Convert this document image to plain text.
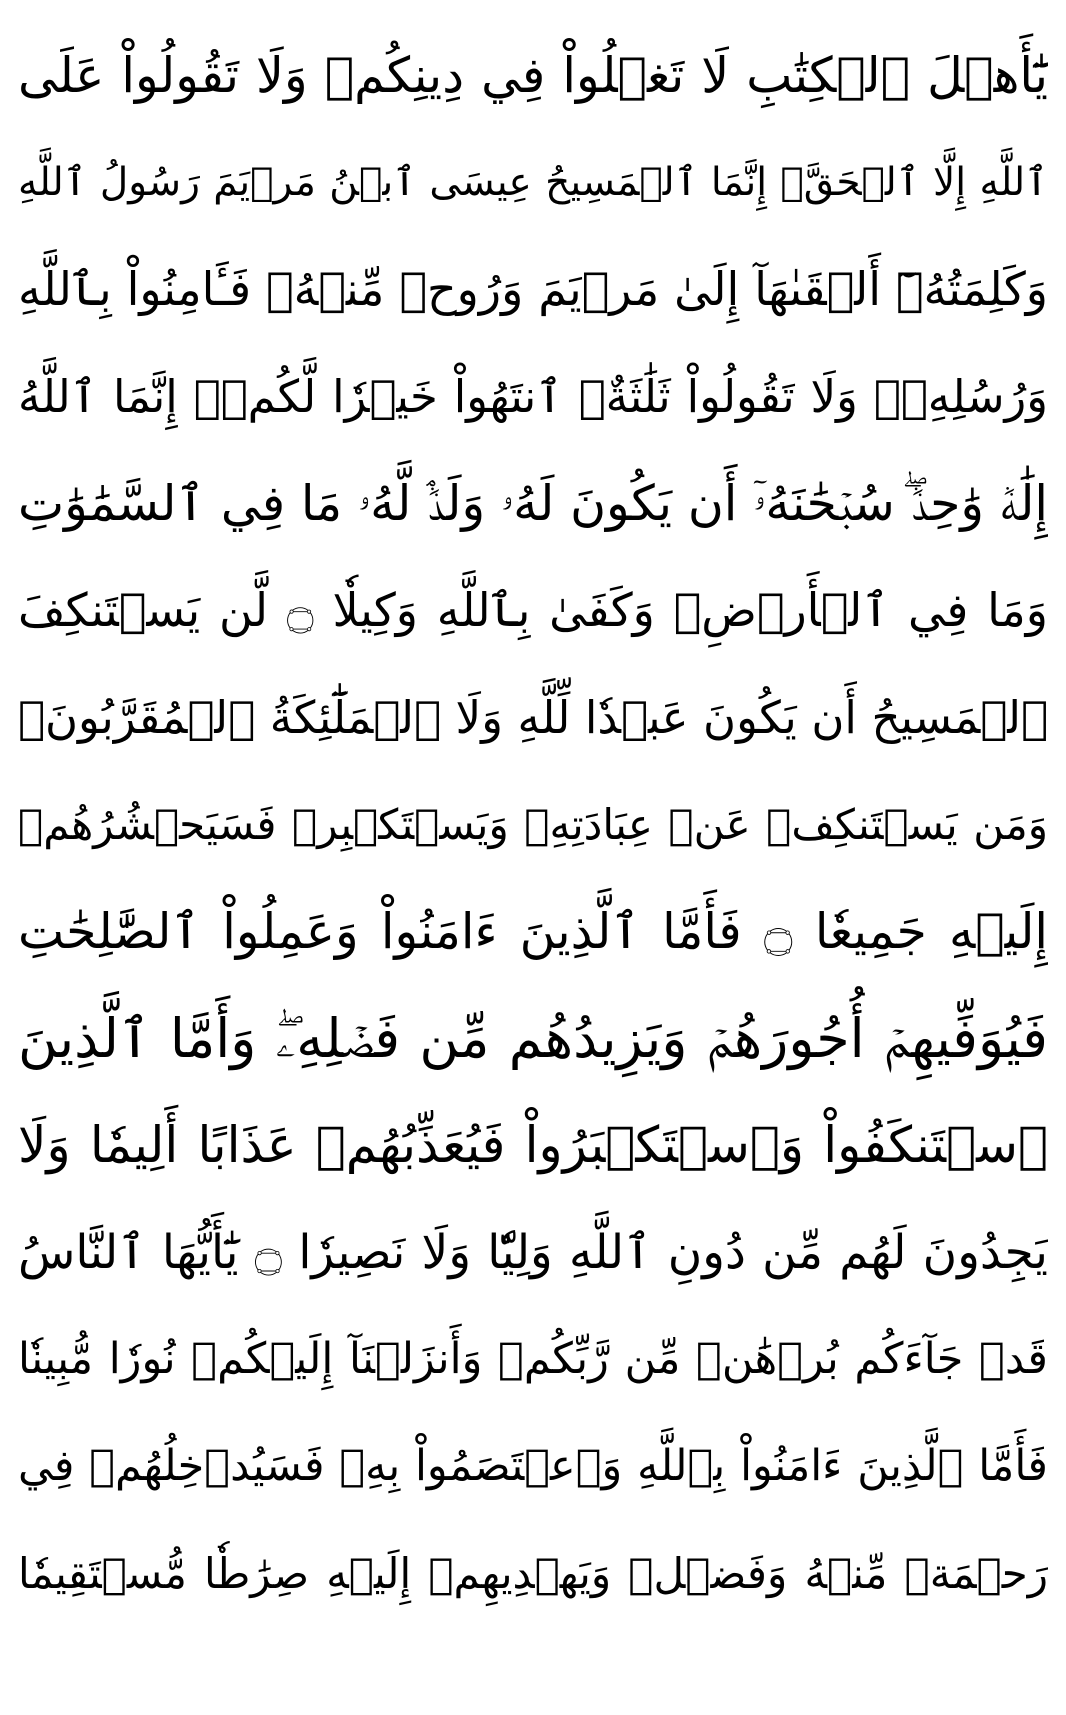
يَٰٓأَهۡلَ ٱلۡكِتَٰبِ لَا تَغۡلُواْ فِي دِينِكُمۡ وَلَا تَقُولُواْ عَلَى
ٱللَّهِ إِلَّا ٱلۡحَقَّۚ إِنَّمَا ٱلۡمَسِيحُ عِيسَى ٱبۡنُ مَرۡيَمَ رَسُولُ ٱللَّهِ
وَكَلِمَتُهُۥٓ أَلۡقَىٰهَآ إِلَىٰ مَرۡيَمَ وَرُوحٞ مِّنۡهُۖ فَـَٔامِنُواْ بِٱللَّهِ
وَرُسُلِهِۦۖ وَلَا تَقُولُواْ ثَلَٰثَةٌۚ ٱنتَهُواْ خَيۡرٗا لَّكُمۡۚ إِنَّمَا ٱللَّهُ
إِلَٰهٞ وَٰحِدٞۖ سُبۡحَٰنَهُۥٓ أَن يَكُونَ لَهُۥ وَلَدٞۘ لَّهُۥ مَا فِي ٱلسَّمَٰوَٰتِ
وَمَا فِي ٱلۡأَرۡضِۗ وَكَفَىٰ بِٱللَّهِ وَكِيلٗا ۝ لَّن يَسۡتَنكِفَ
ٱلۡمَسِيحُ أَن يَكُونَ عَبۡدٗا لِّلَّهِ وَلَا ٱلۡمَلَٰٓئِكَةُ ٱلۡمُقَرَّبُونَۚ
وَمَن يَسۡتَنكِفۡ عَنۡ عِبَادَتِهِۦ وَيَسۡتَكۡبِرۡ فَسَيَحۡشُرُهُمۡ
إِلَيۡهِ جَمِيعٗا ۝ فَأَمَّا ٱلَّذِينَ ءَامَنُواْ وَعَمِلُواْ ٱلصَّٰلِحَٰتِ
فَيُوَفِّيهِمۡ أُجُورَهُمۡ وَيَزِيدُهُم مِّن فَضۡلِهِۦۖ وَأَمَّا ٱلَّذِينَ
ٱسۡتَنكَفُواْ وَٱسۡتَكۡبَرُواْ فَيُعَذِّبُهُمۡ عَذَابًا أَلِيمٗا وَلَا
يَجِدُونَ لَهُم مِّن دُونِ ٱللَّهِ وَلِيّٗا وَلَا نَصِيرٗا ۝ يَٰٓأَيُّهَا ٱلنَّاسُ
قَدۡ جَآءَكُم بُرۡهَٰنٞ مِّن رَّبِّكُمۡ وَأَنزَلۡنَآ إِلَيۡكُمۡ نُورٗا مُّبِينٗا
فَأَمَّا ٱلَّذِينَ ءَامَنُواْ بِٱللَّهِ وَٱعۡتَصَمُواْ بِهِۦ فَسَيُدۡخِلُهُمۡ فِي
رَحۡمَةٖ مِّنۡهُ وَفَضۡلٖ وَيَهۡدِيهِمۡ إِلَيۡهِ صِرَٰطٗا مُّسۡتَقِيمٗا
